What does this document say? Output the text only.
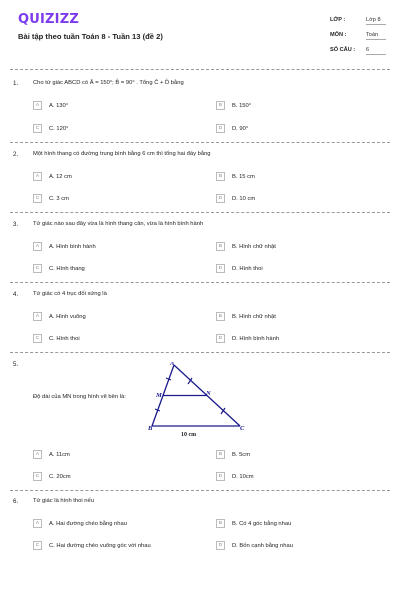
QUIZIZZ
Bài tập theo tuần Toán 8 - Tuần 13 (đề 2)
LỚP :	Lớp 8
MÔN :	Toán
SỐ CÂU : 6
1.	Cho tứ giác ABCD có Â = 150°; B̂ = 90° . Tổng Ĉ + D̂ bằng
A	A. 130°	B	B. 150°
C	C. 120°	D	D. 90°
2.	Một hình thang có đường trung bình bằng 6 cm thì tổng hai đáy bằng
A	A. 12 cm	B	B. 15 cm
C	C. 3 cm	D	D. 10 cm
3.	Tứ giác nào sau đây vừa là hình thang cân, vừa là hình bình hành
A	A. Hình bình hành	B	B. Hình chữ nhật
C	C. Hình thang	D	D. Hình thoi
4.	Tứ giác có 4 trục đối xứng là
A	A. Hình vuông	B	B. Hình chữ nhật
C	C. Hình thoi	D	D. Hình bình hành
5.
Độ dài của MN trong hình vẽ bên là:
A
B	C
M	N
10 cm
A	A. 11cm	B	B. 5cm
C	C. 20cm	D	D. 10cm
6.	Tứ giác là hình thoi nếu
A	A. Hai đường chéo bằng nhau	B	B. Có 4 góc bằng nhau
C	C. Hai đường chéo vuông góc với nhau	D	D. Bốn cạnh bằng nhau
